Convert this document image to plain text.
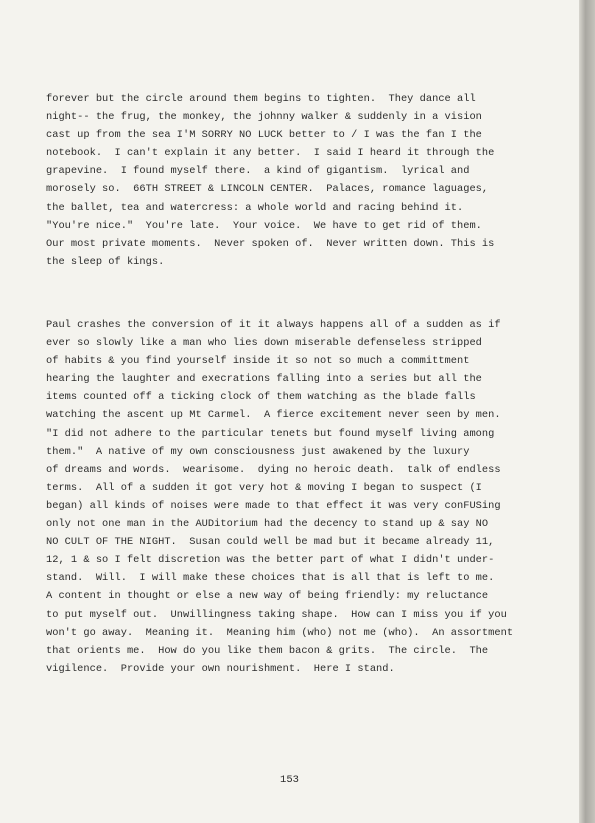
forever but the circle around them begins to tighten.  They dance all
night-- the frug, the monkey, the johnny walker & suddenly in a vision
cast up from the sea I'M SORRY NO LUCK better to / I was the fan I the
notebook.  I can't explain it any better.  I said I heard it through the
grapevine.  I found myself there.  a kind of gigantism.  lyrical and
morosely so.  66TH STREET & LINCOLN CENTER.  Palaces, romance laguages,
the ballet, tea and watercress: a whole world and racing behind it.
"You're nice."  You're late.  Your voice.  We have to get rid of them.
Our most private moments.  Never spoken of.  Never written down. This is
the sleep of kings.
Paul crashes the conversion of it it always happens all of a sudden as if
ever so slowly like a man who lies down miserable defenseless stripped
of habits & you find yourself inside it so not so much a committment
hearing the laughter and execrations falling into a series but all the
items counted off a ticking clock of them watching as the blade falls
watching the ascent up Mt Carmel.  A fierce excitement never seen by men.
"I did not adhere to the particular tenets but found myself living among
them."  A native of my own consciousness just awakened by the luxury
of dreams and words.  wearisome.  dying no heroic death.  talk of endless
terms.  All of a sudden it got very hot & moving I began to suspect (I
began) all kinds of noises were made to that effect it was very conFUSing
only not one man in the AUDitorium had the decency to stand up & say NO
NO CULT OF THE NIGHT.  Susan could well be mad but it became already 11,
12, 1 & so I felt discretion was the better part of what I didn't under-
stand.  Will.  I will make these choices that is all that is left to me.
A content in thought or else a new way of being friendly: my reluctance
to put myself out.  Unwillingness taking shape.  How can I miss you if you
won't go away.  Meaning it.  Meaning him (who) not me (who).  An assortment
that orients me.  How do you like them bacon & grits.  The circle.  The
vigilence.  Provide your own nourishment.  Here I stand.
153
